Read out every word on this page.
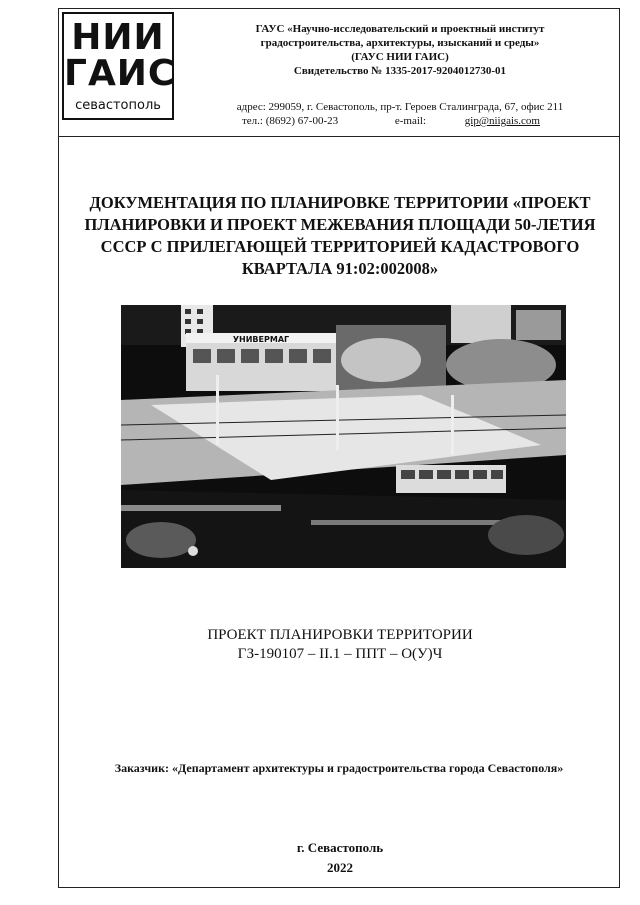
НИИ
ГАИС
севастополь
ГАУС «Научно-исследовательский и проектный институт
градостроительства, архитектуры, изысканий и среды»
(ГАУС НИИ ГАИС)
Свидетельство № 1335-2017-9204012730-01
адрес: 299059, г. Севастополь, пр-т. Героев Сталинграда, 67, офис 211
тел.: (8692) 67-00-23	e-mail:	gip@niigais.com
ДОКУМЕНТАЦИЯ ПО ПЛАНИРОВКЕ ТЕРРИТОРИИ «ПРОЕКТ
ПЛАНИРОВКИ И ПРОЕКТ МЕЖЕВАНИЯ ПЛОЩАДИ 50-ЛЕТИЯ
СССР С ПРИЛЕГАЮЩЕЙ ТЕРРИТОРИЕЙ КАДАСТРОВОГО
КВАРТАЛА 91:02:002008»
УНИВЕРМАГ
ПРОЕКТ ПЛАНИРОВКИ ТЕРРИТОРИИ
ГЗ-190107 – II.1 – ППТ – О(У)Ч
Заказчик: «Департамент архитектуры и градостроительства города Севастополя»
г. Севастополь
2022
